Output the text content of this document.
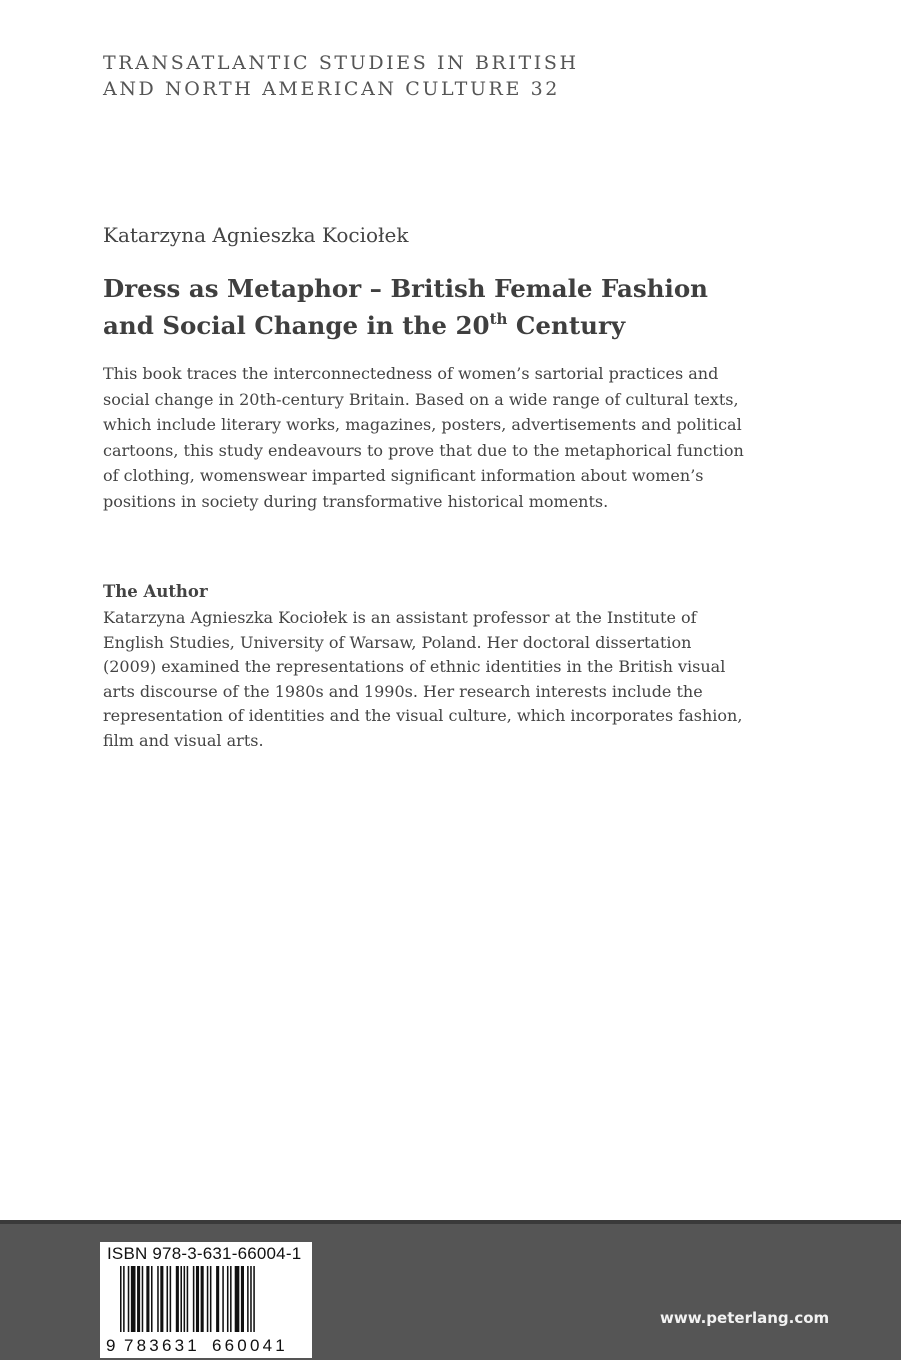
TRANSATLANTIC STUDIES IN BRITISH
AND NORTH AMERICAN CULTURE 32
Katarzyna Agnieszka Kociołek
Dress as Metaphor – British Female Fashion
and Social Change in the 20th Century
This book traces the interconnectedness of women’s sartorial practices and
social change in 20th-century Britain. Based on a wide range of cultural texts,
which include literary works, magazines, posters, advertisements and political
cartoons, this study endeavours to prove that due to the metaphorical function
of clothing, womenswear imparted significant information about women’s
positions in society during transformative historical moments.
The Author
Katarzyna Agnieszka Kociołek is an assistant professor at the Institute of
English Studies, University of Warsaw, Poland. Her doctoral dissertation
(2009) examined the representations of ethnic identities in the British visual
arts discourse of the 1980s and 1990s. Her research interests include the
representation of identities and the visual culture, which incorporates fashion,
film and visual arts.
ISBN 978-3-631-66004-1
9 783631 660041
www.peterlang.com
